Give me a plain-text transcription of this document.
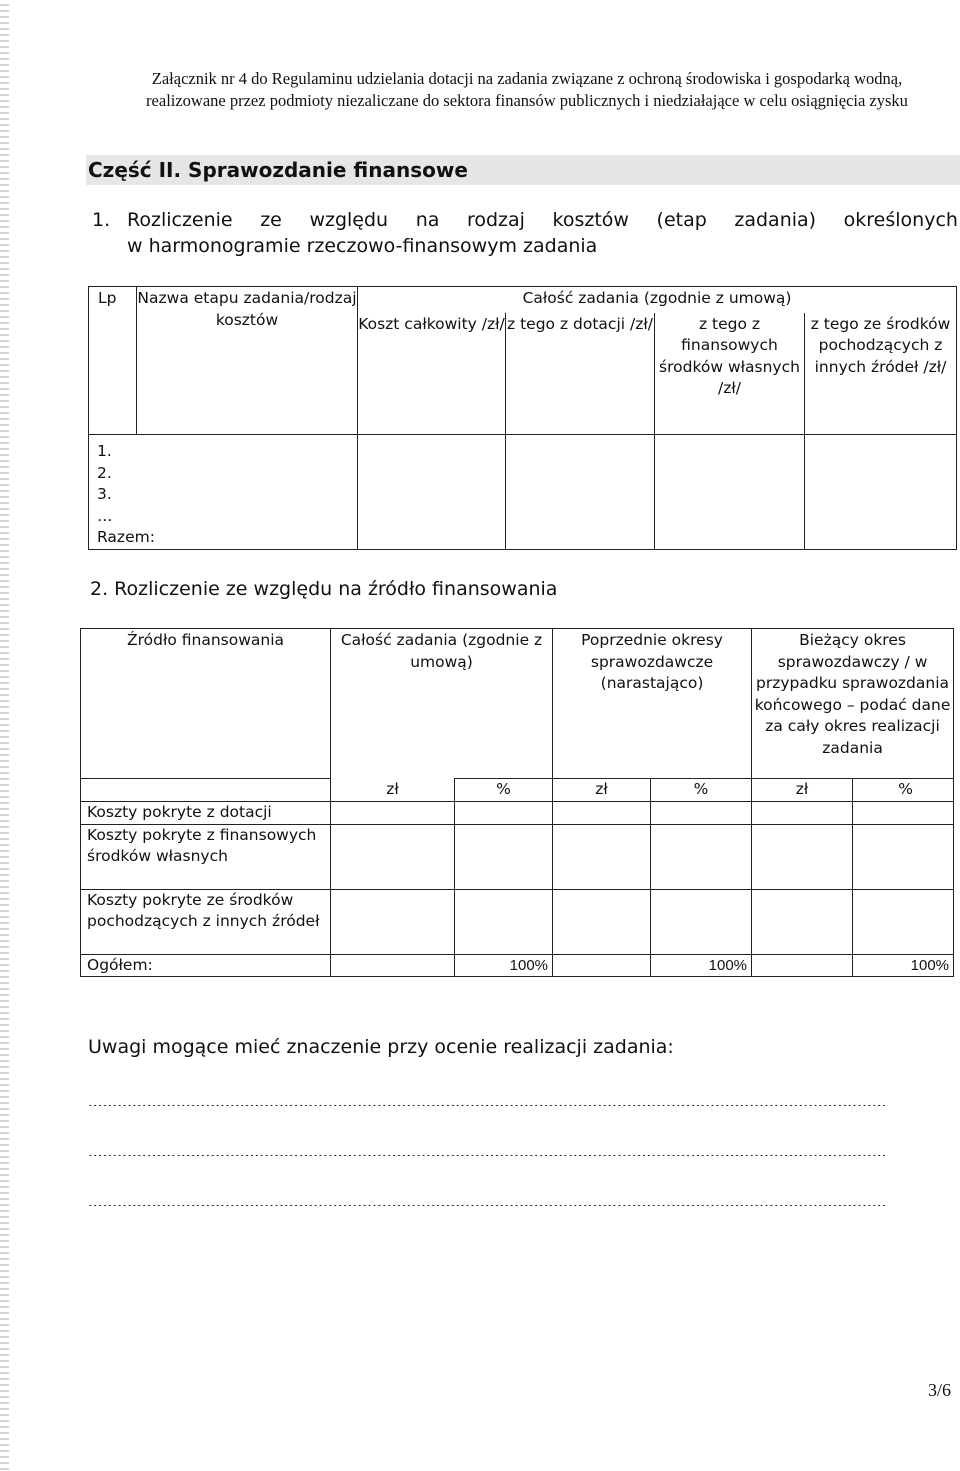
Załącznik nr 4 do Regulaminu udzielania dotacji na zadania związane z ochroną środowiska i gospodarką wodną,
realizowane przez podmioty niezaliczane do sektora finansów publicznych i niedziałające w celu osiągnięcia zysku
Część II. Sprawozdanie finansowe
1. Rozliczenie ze względu na rodzaj kosztów (etap zadania) określonych
w harmonogramie rzeczowo-finansowym zadania
Lp	Nazwa etapu zadania/rodzaj kosztów	Całość zadania (zgodnie z umową)			
		Koszt całkowity /zł/	z tego z dotacji /zł/	z tego z finansowych środków własnych /zł/	z tego ze środków pochodzących z innych źródeł /zł/

1.
2.
3.
…
Razem:					

2. Rozliczenie ze względu na źródło finansowania
Źródło finansowania	Całość zadania (zgodnie z umową)		Poprzednie okresy sprawozdawcze (narastająco)		Bieżący okres sprawozdawczy / w przypadku sprawozdania końcowego – podać dane za cały okres realizacji zadania	
	zł	%	zł	%	zł	%
Koszty pokryte z dotacji						
Koszty pokryte z finansowych środków własnych						
Koszty pokryte ze środków pochodzących z innych źródeł						
Ogółem:		100%		100%		100%
Uwagi mogące mieć znaczenie przy ocenie realizacji zadania:
...................................................................................................................................................................
...................................................................................................................................................................
...................................................................................................................................................................
3/6
